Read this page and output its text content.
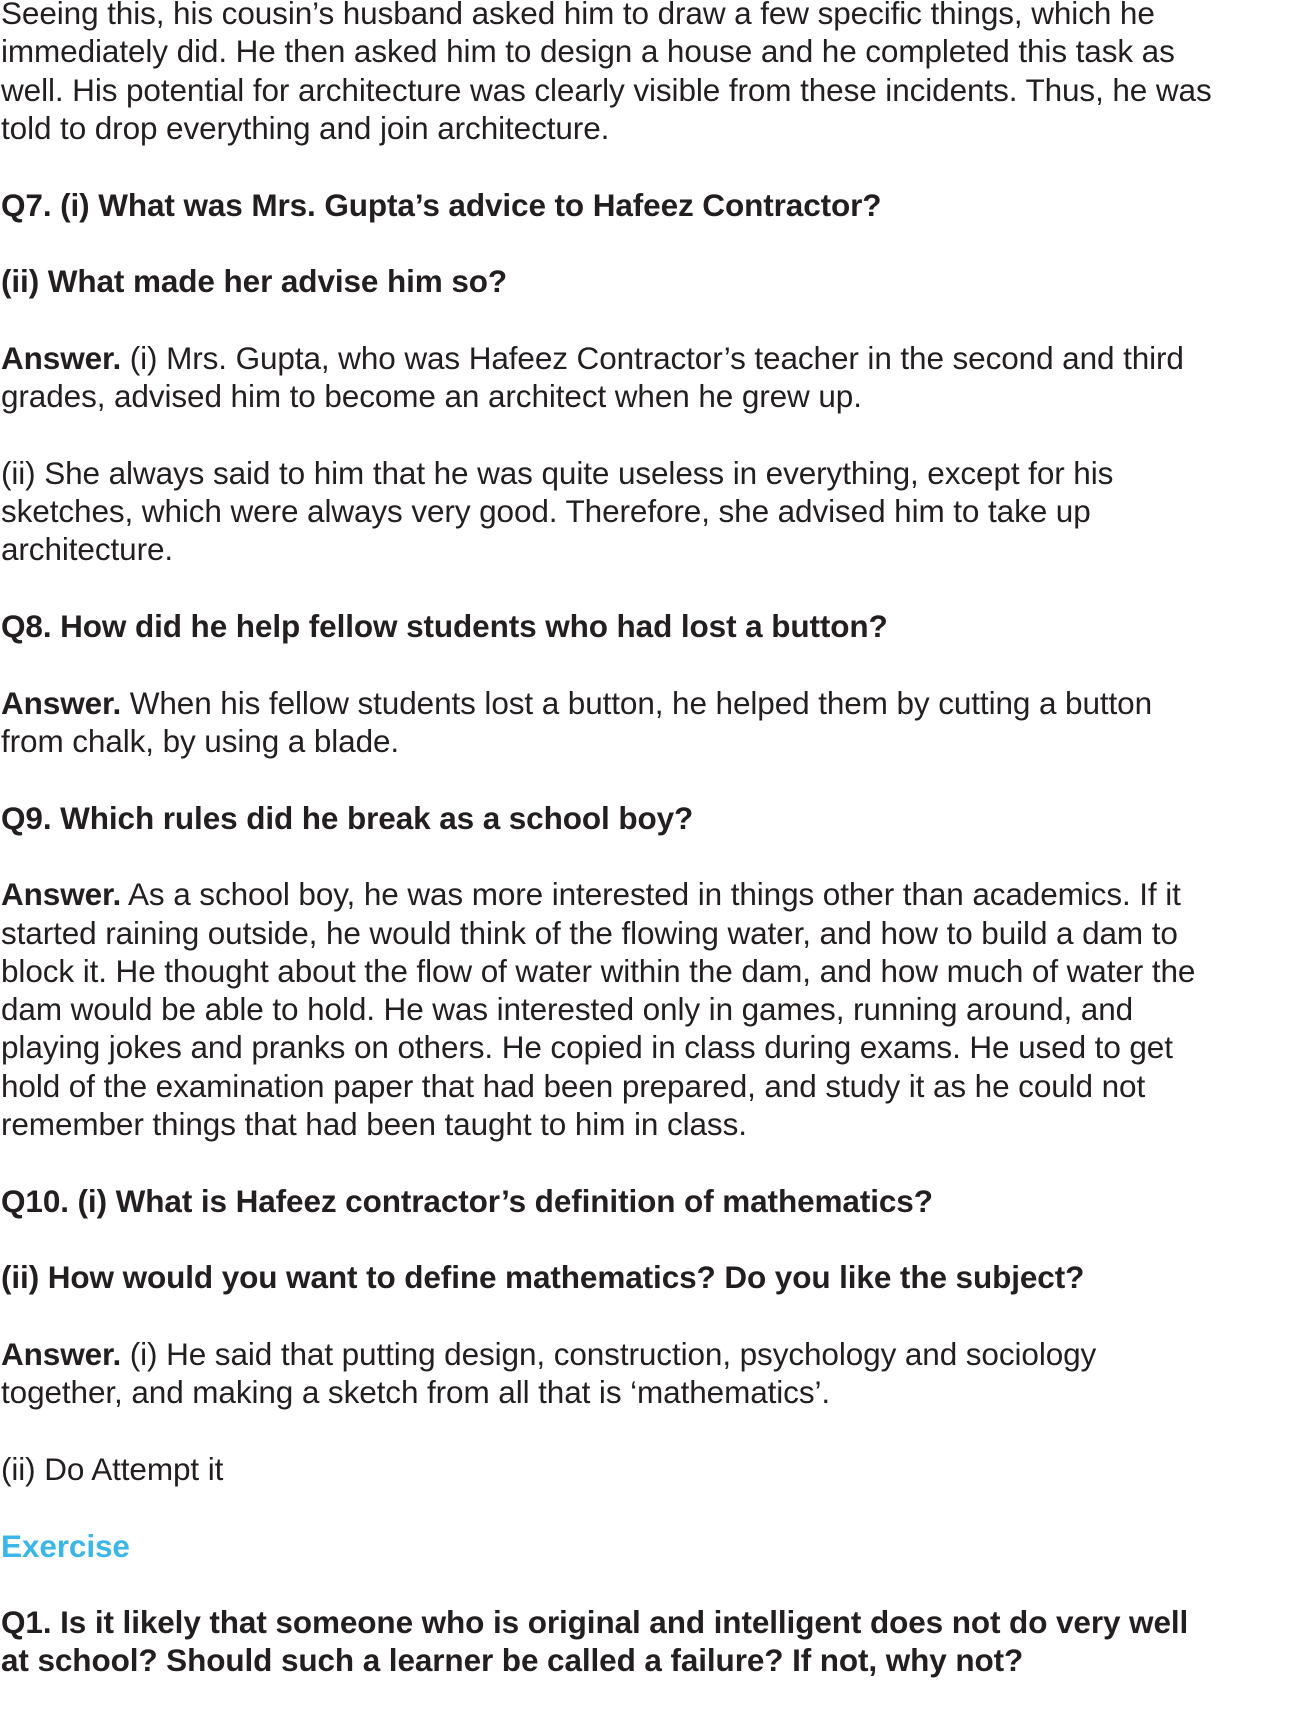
Seeing this, his cousin’s husband asked him to draw a few specific things, which he
immediately did. He then asked him to design a house and he completed this task as
well. His potential for architecture was clearly visible from these incidents. Thus, he was
told to drop everything and join architecture.
Q7. (i) What was Mrs. Gupta’s advice to Hafeez Contractor?
(ii) What made her advise him so?
Answer. (i) Mrs. Gupta, who was Hafeez Contractor’s teacher in the second and third
grades, advised him to become an architect when he grew up.
(ii) She always said to him that he was quite useless in everything, except for his
sketches, which were always very good. Therefore, she advised him to take up
architecture.
Q8. How did he help fellow students who had lost a button?
Answer. When his fellow students lost a button, he helped them by cutting a button
from chalk, by using a blade.
Q9. Which rules did he break as a school boy?
Answer. As a school boy, he was more interested in things other than academics. If it
started raining outside, he would think of the flowing water, and how to build a dam to
block it. He thought about the flow of water within the dam, and how much of water the
dam would be able to hold. He was interested only in games, running around, and
playing jokes and pranks on others. He copied in class during exams. He used to get
hold of the examination paper that had been prepared, and study it as he could not
remember things that had been taught to him in class.
Q10. (i) What is Hafeez contractor’s definition of mathematics?
(ii) How would you want to define mathematics? Do you like the subject?
Answer. (i) He said that putting design, construction, psychology and sociology
together, and making a sketch from all that is ‘mathematics’.
(ii) Do Attempt it
Exercise
Q1. Is it likely that someone who is original and intelligent does not do very well
at school? Should such a learner be called a failure? If not, why not?
